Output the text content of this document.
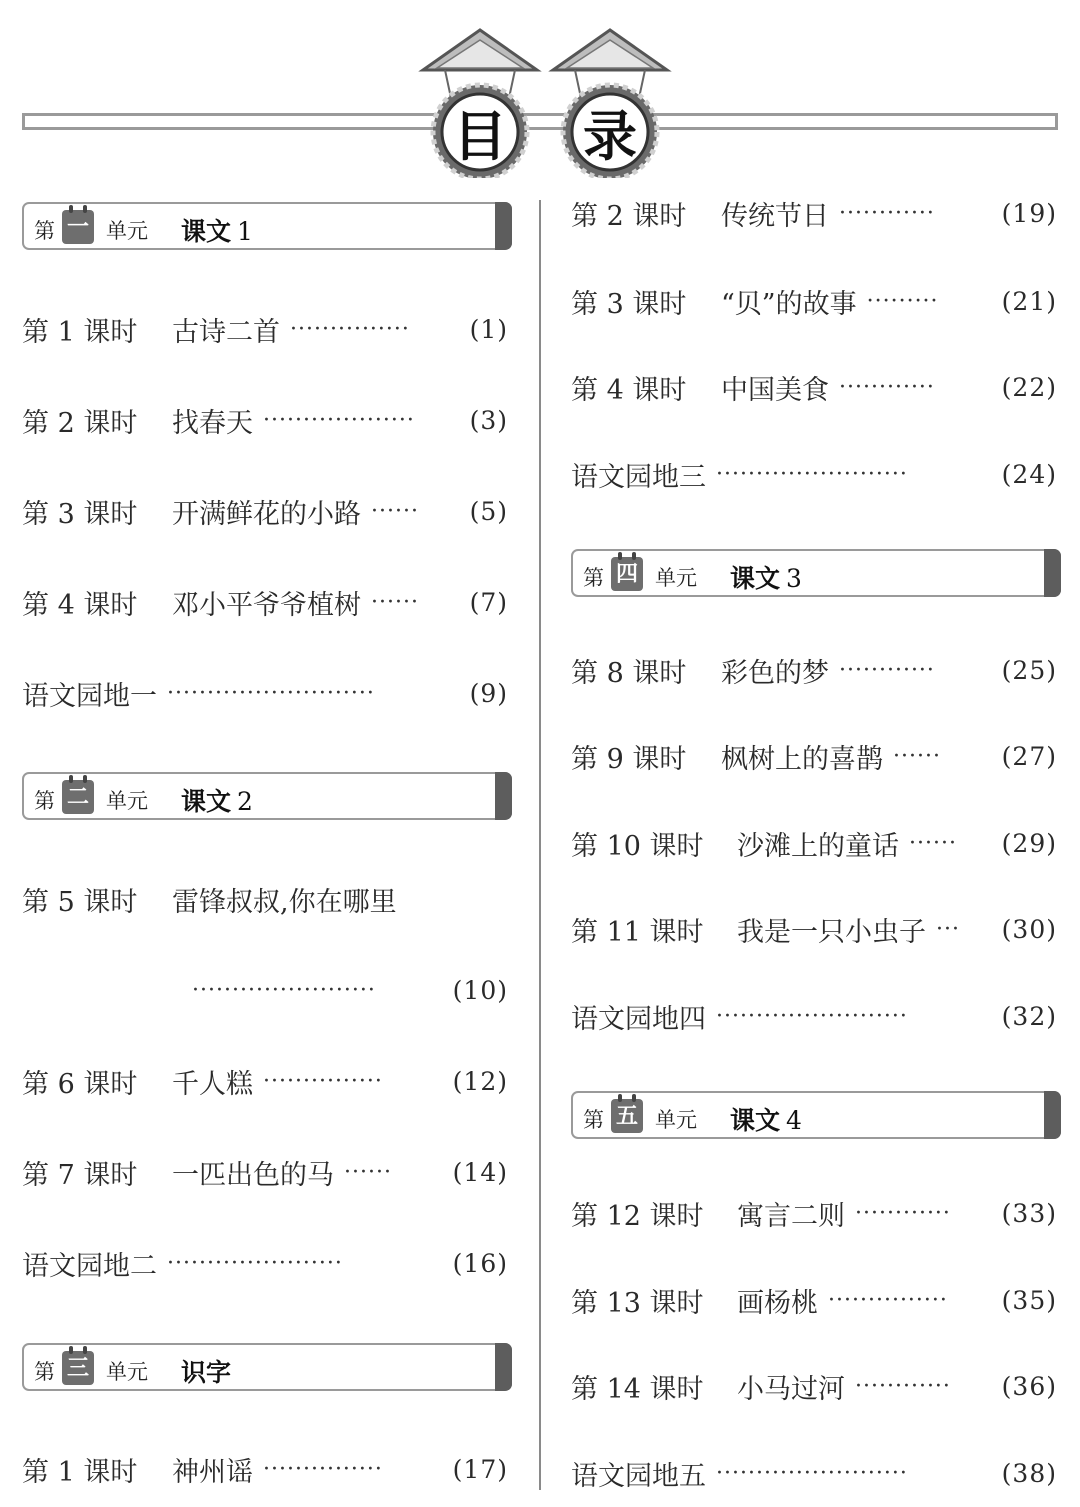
目 录
第 一 单元 课文 1
第 1 课时	古诗二首 ···············	(1)
第 2 课时	找春天 ···················	(3)
第 3 课时	开满鲜花的小路 ······	(5)
第 4 课时	邓小平爷爷植树 ······	(7)
语文园地一 ··························	(9)
第 二 单元 课文 2
第 5 课时	雷锋叔叔,你在哪里
·······················	(10)
第 6 课时	千人糕 ···············	(12)
第 7 课时	一匹出色的马 ······	(14)
语文园地二 ······················	(16)
第 三 单元 识字
第 1 课时	神州谣 ···············	(17)
第 2 课时	传统节日 ············	(19)
第 3 课时	“贝”的故事 ·········	(21)
第 4 课时	中国美食 ············	(22)
语文园地三 ························	(24)
第 四 单元 课文 3
第 8 课时	彩色的梦 ············	(25)
第 9 课时	枫树上的喜鹊 ······	(27)
第 10 课时	沙滩上的童话 ······	(29)
第 11 课时	我是一只小虫子 ···	(30)
语文园地四 ························	(32)
第 五 单元 课文 4
第 12 课时	寓言二则 ············	(33)
第 13 课时	画杨桃 ···············	(35)
第 14 课时	小马过河 ············	(36)
语文园地五 ························	(38)
